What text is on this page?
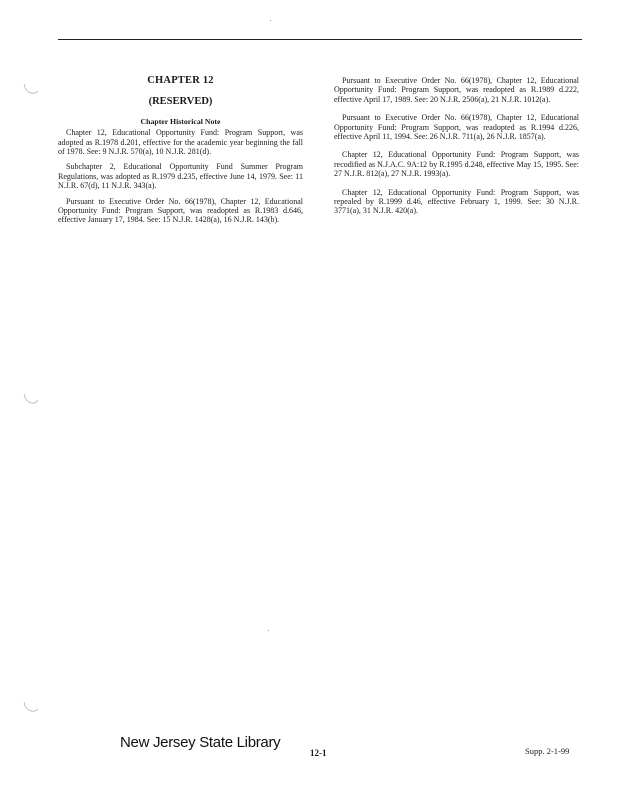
CHAPTER 12
(RESERVED)
Chapter Historical Note

Chapter 12, Educational Opportunity Fund: Program Support, was adopted as R.1978 d.201, effective for the academic year beginning the fall of 1978. See: 9 N.J.R. 570(a), 10 N.J.R. 281(d).

Subchapter 2, Educational Opportunity Fund Summer Program Regulations, was adopted as R.1979 d.235, effective June 14, 1979. See: 11 N.J.R. 67(d), 11 N.J.R. 343(a).

Pursuant to Executive Order No. 66(1978), Chapter 12, Educational Opportunity Fund: Program Support, was readopted as R.1983 d.646, effective January 17, 1984. See: 15 N.J.R. 1428(a), 16 N.J.R. 143(b).

Pursuant to Executive Order No. 66(1978), Chapter 12, Educational Opportunity Fund: Program Support, was readopted as R.1989 d.222, effective April 17, 1989. See: 20 N.J.R. 2506(a), 21 N.J.R. 1012(a).

Pursuant to Executive Order No. 66(1978), Chapter 12, Educational Opportunity Fund: Program Support, was readopted as R.1994 d.226, effective April 11, 1994. See: 26 N.J.R. 711(a), 26 N.J.R. 1857(a).

Chapter 12, Educational Opportunity Fund: Program Support, was recodified as N.J.A.C. 9A:12 by R.1995 d.248, effective May 15, 1995. See: 27 N.J.R. 812(a), 27 N.J.R. 1993(a).

Chapter 12, Educational Opportunity Fund: Program Support, was repealed by R.1999 d.46, effective February 1, 1999. See: 30 N.J.R. 3771(a), 31 N.J.R. 420(a).

New Jersey State Library
12-1	Supp. 2-1-99
